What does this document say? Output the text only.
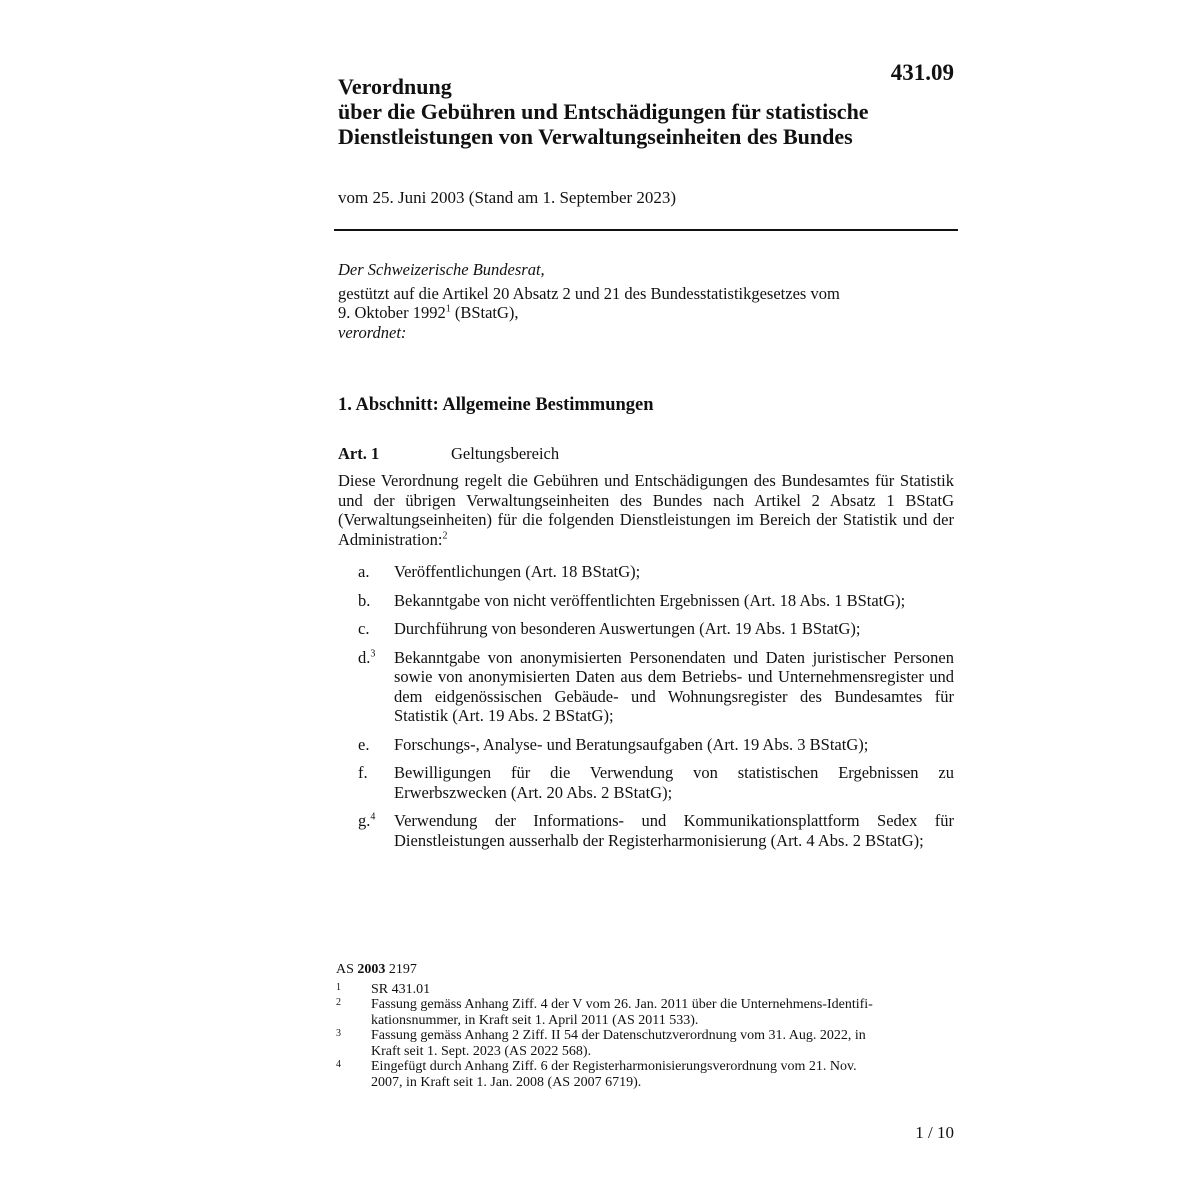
431.09

Verordnung
über die Gebühren und Entschädigungen für statistische
Dienstleistungen von Verwaltungseinheiten des Bundes

vom 25. Juni 2003 (Stand am 1. September 2023)

Der Schweizerische Bundesrat,

gestützt auf die Artikel 20 Absatz 2 und 21 des Bundesstatistikgesetzes vom

9. Oktober 1992$^1$ (BStatG),

verordnet:

1. Abschnitt: Allgemeine Bestimmungen
Art. 1	Geltungsbereich

Diese Verordnung regelt die Gebühren und Entschädigungen des Bundesamtes für Statistik und der übrigen Verwaltungseinheiten des Bundes nach Artikel 2 Absatz 1 BStatG (Verwaltungseinheiten) für die folgenden Dienstleistungen im Bereich der Statistik und der Administration:$^2$

a.	Veröffentlichungen (Art. 18 BStatG);
b.	Bekanntgabe von nicht veröffentlichten Ergebnissen (Art. 18 Abs. 1 BStatG);
c.	Durchführung von besonderen Auswertungen (Art. 19 Abs. 1 BStatG);
d.$^3$	Bekanntgabe von anonymisierten Personendaten und Daten juristischer Personen sowie von anonymisierten Daten aus dem Betriebs- und Unternehmensregister und dem eidgenössischen Gebäude- und Wohnungsregister des Bundesamtes für Statistik (Art. 19 Abs. 2 BStatG);
e.	Forschungs-, Analyse- und Beratungsaufgaben (Art. 19 Abs. 3 BStatG);
f.	Bewilligungen für die Verwendung von statistischen Ergebnissen zu Erwerbszwecken (Art. 20 Abs. 2 BStatG);
g.$^4$	Verwendung der Informations- und Kommunikationsplattform Sedex für Dienstleistungen ausserhalb der Registerharmonisierung (Art. 4 Abs. 2 BStatG);

AS 2003 2197

1	SR 431.01
2	Fassung gemäss Anhang Ziff. 4 der V vom 26. Jan. 2011 über die Unternehmens-Identifi-
kationsnummer, in Kraft seit 1. April 2011 (AS 2011 533).
3	Fassung gemäss Anhang 2 Ziff. II 54 der Datenschutzverordnung vom 31. Aug. 2022, in
Kraft seit 1. Sept. 2023 (AS 2022 568).
4	Eingefügt durch Anhang Ziff. 6 der Registerharmonisierungsverordnung vom 21. Nov.
2007, in Kraft seit 1. Jan. 2008 (AS 2007 6719).

1 / 10
